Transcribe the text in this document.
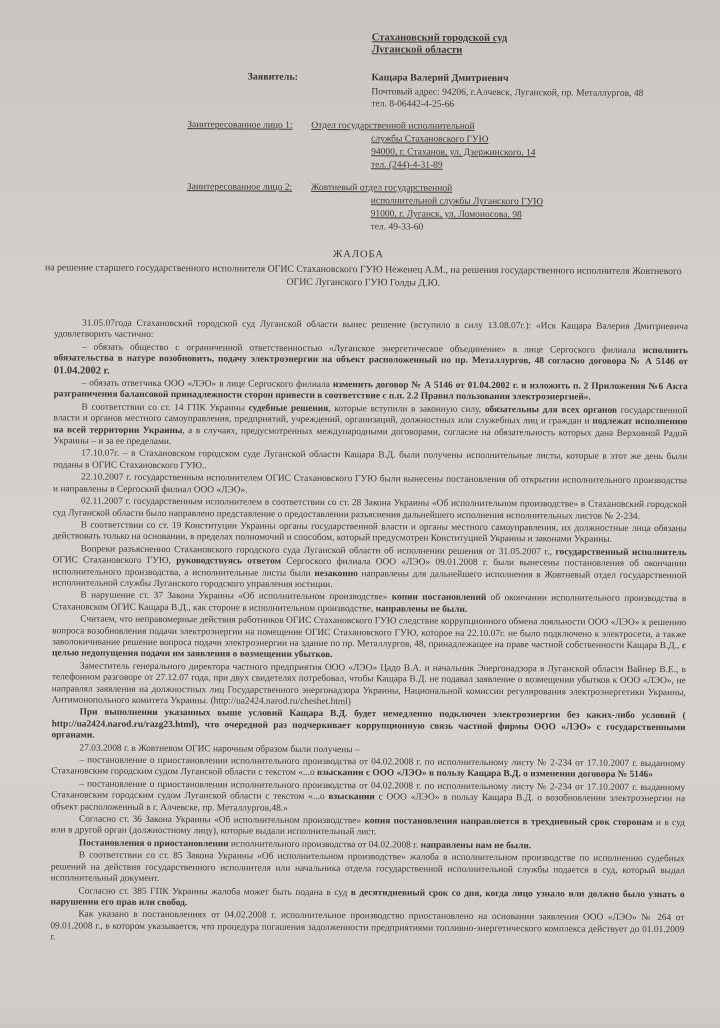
Стахановский городской суд
Луганской области
Заявитель:	Кащара Валерий Дмитриевич
Почтовый адрес: 94206, г.Алчевск, Луганской, пр. Металлургов, 48
тел. 8-06442-4-25-66
Заинтересованное лицо 1: Отдел государственной исполнительной
службы Стахановского ГУЮ
94000, г. Стаханов, ул. Дзержинского, 14
тел. (244)-4-31-89
Заинтересованное лицо 2: Жовтневый отдел государственной
исполнительной службы Луганского ГУЮ
91000, г. Луганск, ул. Ломоносова, 98
тел. 49-33-60
ЖАЛОБА
на решение старшего государственного исполнителя ОГИС Стахановского ГУЮ Неженец А.М., на решения государственного исполнителя Жовтневого ОГИС Луганского ГУЮ Голды Д.Ю.

31.05.07года Стахановский городской суд Луганской области вынес решение (вступило в силу 13.08.07г.): «Иск Кащара Валерия Дмитриевича удовлетворить частично:

– обязать общество с ограниченной ответственностью «Луганское энергетическое объединение» в лице Сергоского филиала исполнить обязательства в натуре возобновить, подачу электроэнергии на объект расположенный по пр. Металлургов, 48 согласно договора № А 5146 от 01.04.2002 г.

– обязать ответчика ООО «ЛЭО» в лице Сергоского филиала изменить договор № А 5146 от 01.04.2002 г. и изложить п. 2 Приложения №6 Акта разграничения балансовой принадлежности сторон привести в соответствие с п.п. 2.2 Правил пользования электроэнергией».

В соответствии со ст. 14 ГПК Украины судебные решения, которые вступили в законную силу, обязательны для всех органов государственной власти и органов местного самоуправления, предприятий, учреждений, организаций, должностных или служебных лиц и граждан и подлежат исполнению на всей территории Украины, а в случаях, предусмотренных международными договорами, согласие на обязательность которых дана Верховной Радой Украины – и за ее пределами.

17.10.07г. – в Стахановском городском суде Луганской области Кащара В.Д. были получены исполнительные листы, которые в этот же день были поданы в ОГИС Стахановского ГУЮ..

22.10.2007 г. государственным исполнителем ОГИС Стахановского ГУЮ были вынесены постановления об открытии исполнительного производства и направлены в Сергоский филиал ООО «ЛЭО».

02.11.2007 г. государственным исполнителем в соответствии со ст. 28 Закона Украины «Об исполнительном производстве» в Стахановский городской суд Луганской области было направлено представление о предоставлении разъяснения дальнейшего исполнения исполнительных листов № 2-234.

В соответствии со ст. 19 Конституции Украины органы государственной власти и органы местного самоуправления, их должностные лица обязаны действовать только на основании, в пределах полномочий и способом, который предусмотрен Конституцией Украины и законами Украины.

Вопреки разъяснению Стахановского городского суда Луганской области об исполнении решения от 31.05.2007 г., государственный исполнитель ОГИС Стахановского ГУЮ, руководствуясь ответом Сергоского филиала ООО «ЛЭО» 09.01.2008 г. были вынесены постановления об окончании исполнительного производства, а исполнительные листы были незаконно направлены для дальнейшего исполнения в Жовтневый отдел государственной исполнительной службы Луганского городского управления юстиции.

В нарушение ст. 37 Закона Украины «Об исполнительном производстве» копии постановлений об окончании исполнительного производства в Стахановском ОГИС Кащара В.Д., как стороне в исполнительном производстве, направлены не были.

Считаем, что неправомерные действия работников ОГИС Стахановского ГУЮ следствие коррупционного обмена лояльности ООО «ЛЭО» к решению вопроса возобновления подачи электроэнергии на помещение ОГИС Стахановского ГУЮ, которое на 22.10.07г. не было подключено к электросети, а также заволокичивание решение вопроса подачи электроэнергии на здание по пр. Металлургов, 48, принадлежащее на праве частной собственности Кащара В.Д., с целью недопущения подачи им заявления о возмещении убытков.

Заместитель генерального директора частного предприятия ООО «ЛЭО» Цадо В.А. и начальник Энергонадзора в Луганской области Вайнер В.Е., в телефонном разговоре от 27.12.07 года, при двух свидетелях потребовал, чтобы Кащара В.Д. не подавал заявление о возмещении убытков к ООО «ЛЭО», не направлял заявления на должностных лиц Государственного энергонадзора Украины, Национальной комиссии регулирования электроэнергетики Украины, Антимонопольного комитета Украины. (http://ua2424.narod.ru/cheshet.html)

При выполнении указанных выше условий Кащара В.Д. будет немедленно подключен электроэнергии без каких-либо условий ( http://ua2424.narod.ru/razg23.html), что очередной раз подчеркивает коррупционную связь частной фирмы ООО «ЛЭО» с государственными органами.

27.03.2008 г. в Жовтневом ОГИС нарочным образом были получены –

– постановление о приостановлении исполнительного производства от 04.02.2008 г. по исполнительному листу № 2-234 от 17.10.2007 г. выданному Стахановским городским судом Луганской области с текстом «...о взыскании с ООО «ЛЭО» в пользу Кащара В.Д. о изменении договора № 5146»

– постановление о приостановлении исполнительного производства от 04.02.2008 г. по исполнительному листу № 2-234 от 17.10.2007 г. выданному Стахановским городским судом Луганской области с текстом «...о взыскании с ООО «ЛЭО» в пользу Кащара В.Д. о возобновлении электроэнергии на объект расположенный в г. Алчевске, пр. Металлургов,48.»

Согласно ст. 36 Закона Украины «Об исполнительном производстве» копия постановления направляется в трехдневный срок сторонам и в суд или в другой орган (должностному лицу), которые выдали исполнительный лист.

Постановления о приостановлении исполнительного производства от 04.02.2008 г. направлены нам не были.

В соответствии со ст. 85 Закона Украины «Об исполнительном производстве» жалоба в исполнительном производстве по исполнению судебных решений на действия государственного исполнителя или начальника отдела государственной исполнительной службы подается в суд, который выдал исполнительный документ.

Согласно ст. 385 ГПК Украины жалоба может быть подана в суд в десятидневный срок со дня, когда лицо узнало или должно было узнать о нарушении его прав или свобод.

Как указано в постановлениях от 04.02.2008 г. исполнительное производство приостановлено на основании заявления ООО «ЛЭО» № 264 от 09.01.2008 г., в котором указывается, что процедура погашения задолженности предприятиями топливно-энергетического комплекса действует до 01.01.2009 г.
